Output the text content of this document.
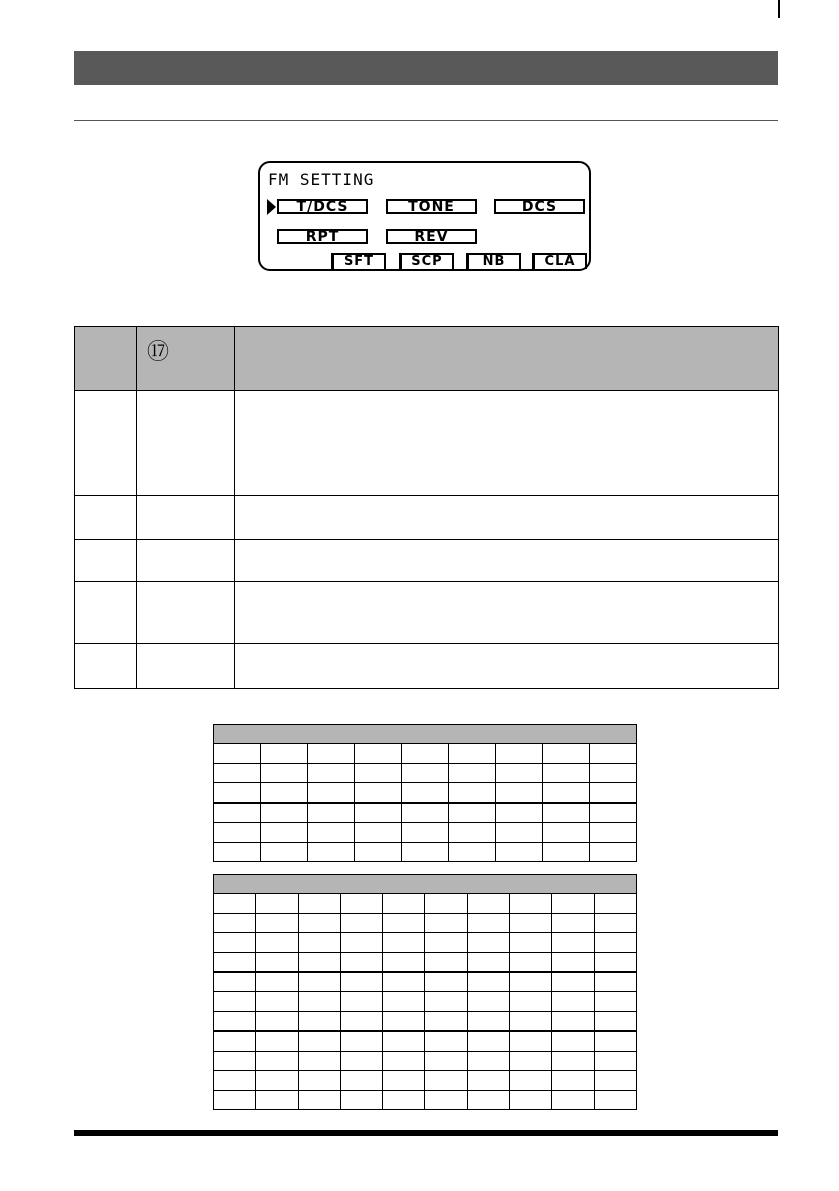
FM SETTING
T/DCS	TONE	DCS
RPT	REV
SFT	SCP	NB	CLA
	⑰	
